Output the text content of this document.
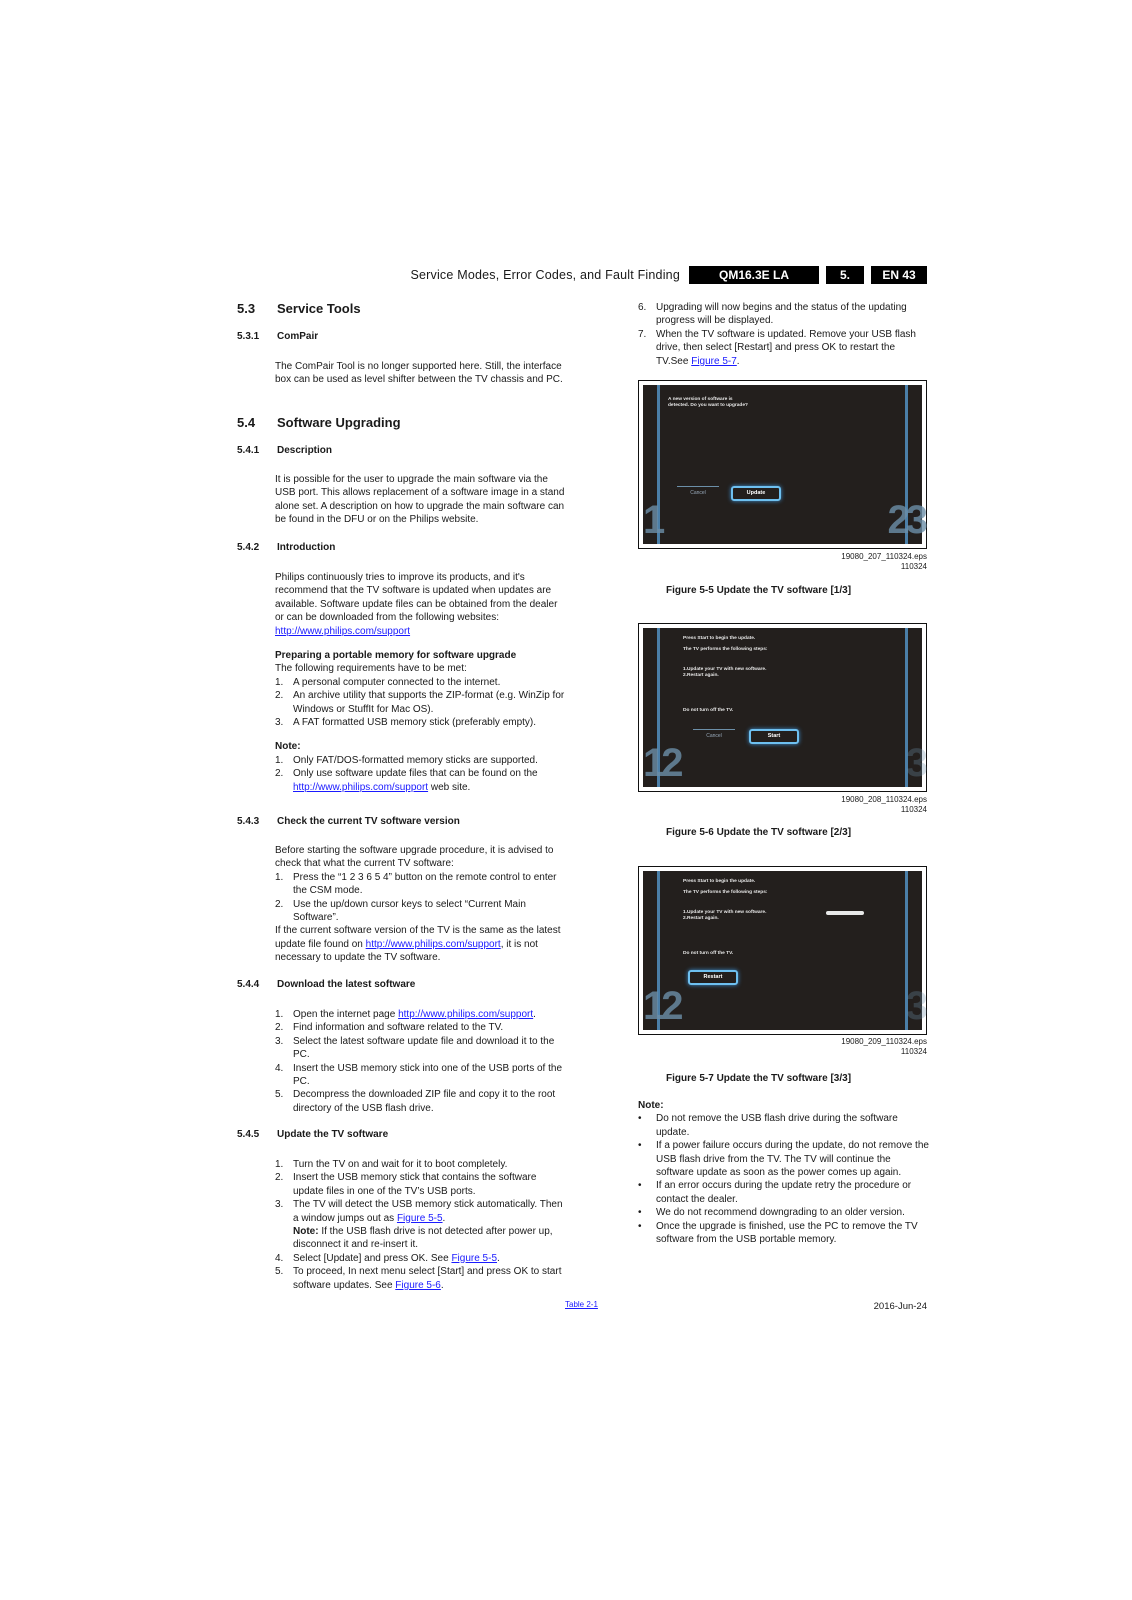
Service Modes, Error Codes, and Fault Finding	QM16.3E LA	5.	EN 43
5.3 Service Tools
5.3.1 ComPair

The ComPair Tool is no longer supported here. Still, the interface box can be used as level shifter between the TV chassis and PC.

5.4 Software Upgrading
5.4.1 Description

It is possible for the user to upgrade the main software via the USB port. This allows replacement of a software image in a stand alone set. A description on how to upgrade the main software can be found in the DFU or on the Philips website.

5.4.2 Introduction

Philips continuously tries to improve its products, and it's recommend that the TV software is updated when updates are available. Software update files can be obtained from the dealer or can be downloaded from the following websites:

http://www.philips.com/support

Preparing a portable memory for software upgrade

The following requirements have to be met:

1. A personal computer connected to the internet.
2. An archive utility that supports the ZIP-format (e.g. WinZip for Windows or StuffIt for Mac OS).
3. A FAT formatted USB memory stick (preferably empty).

Note:

1. Only FAT/DOS-formatted memory sticks are supported.
2. Only use software update files that can be found on the http://www.philips.com/support web site.
5.4.3 Check the current TV software version

Before starting the software upgrade procedure, it is advised to check that what the current TV software:

1. Press the “1 2 3 6 5 4” button on the remote control to enter the CSM mode.
2. Use the up/down cursor keys to select “Current Main Software”.

If the current software version of the TV is the same as the latest update file found on http://www.philips.com/support, it is not necessary to update the TV software.

5.4.4 Download the latest software
1. Open the internet page http://www.philips.com/support.
2. Find information and software related to the TV.
3. Select the latest software update file and download it to the PC.
4. Insert the USB memory stick into one of the USB ports of the PC.
5. Decompress the downloaded ZIP file and copy it to the root directory of the USB flash drive.
5.4.5 Update the TV software
1. Turn the TV on and wait for it to boot completely.
2. Insert the USB memory stick that contains the software update files in one of the TV’s USB ports.
3. The TV will detect the USB memory stick automatically. Then a window jumps out as Figure 5-5.
Note: If the USB flash drive is not detected after power up, disconnect it and re-insert it.
4. Select [Update] and press OK. See Figure 5-5.
5. To proceed, In next menu select [Start] and press OK to start software updates. See Figure 5-6.
6. Upgrading will now begins and the status of the updating progress will be displayed.
7. When the TV software is updated. Remove your USB flash drive, then select [Restart] and press OK to restart the TV.See Figure 5-7.
A new version of software is detected. Do you want to upgrade?
Cancel	Update
1	23
19080_207_110324.eps
110324
Figure 5-5 Update the TV software [1/3]
Press Start to begin the update.
The TV performs the following steps:
1.Update your TV with new software.
2.Restart again.
Do not turn off the TV.
Cancel	Start
12	3
19080_208_110324.eps
110324
Figure 5-6 Update the TV software [2/3]
Press Start to begin the update.
The TV performs the following steps:
1.Update your TV with new software.
2.Restart again.
Do not turn off the TV.
Restart
12	3
19080_209_110324.eps
110324
Figure 5-7 Update the TV software [3/3]

Note:

• Do not remove the USB flash drive during the software update.
• If a power failure occurs during the update, do not remove the USB flash drive from the TV. The TV will continue the software update as soon as the power comes up again.
• If an error occurs during the update retry the procedure or contact the dealer.
• We do not recommend downgrading to an older version.
• Once the upgrade is finished, use the PC to remove the TV software from the USB portable memory.
Table 2-1	2016-Jun-24
